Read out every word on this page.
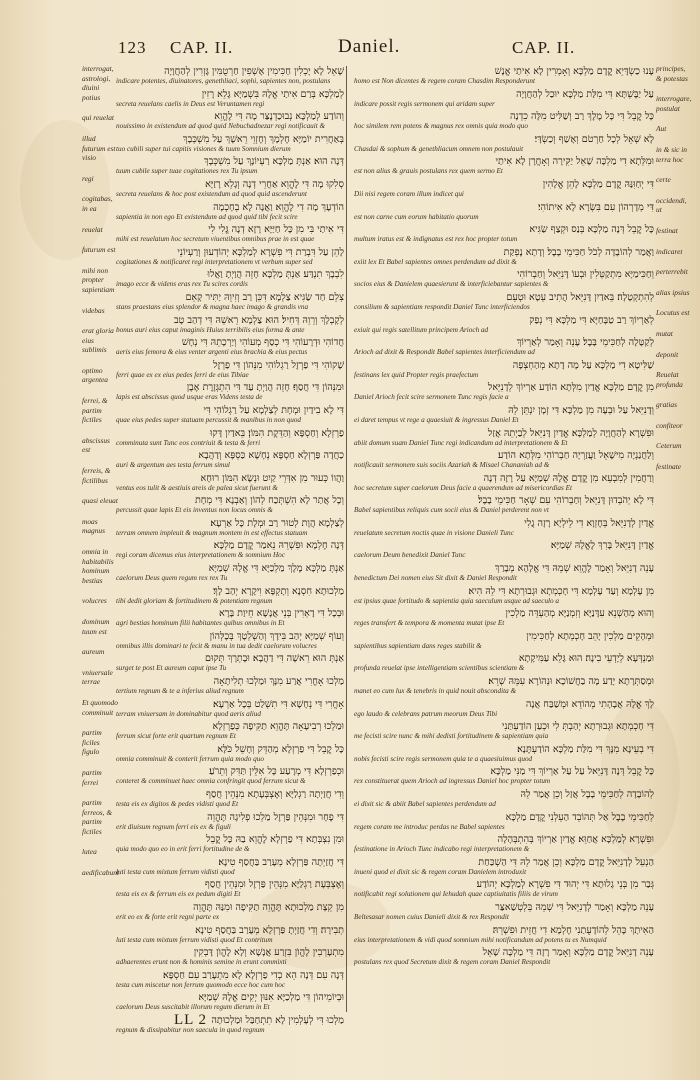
123 CAP. II.	Daniel.	CAP. II.
interrogat, astrologi, diuini potius
qui reuelat
illud futurum est visio
regi
cogitabas, in ea
reuelat
futurum est
mihi non propter sapientiam
videbas
erat gloria eius sublimis
optimo argentea
ferrei, & partim fictiles
abscissus est
ferreis, & fictilibus
quasi eleuat
moas magnus
omnia in habitabilis hominum bestias
volucres
dominum tuum est
aureum
vniuersale terrae
Et quomodo comminuit
partim ficiles figulo
partim ferrei
partim ferreos, & partim fictiles
lutea
aedificabunt
שָׁאֵל לָא יָכְלִין חַכִּימִין אָשְׁפִין חַרְטֻמִּין גָּזְרִין לְהַחֲוָיָה
indicare potentes, diuinatores, genethliaci, sophi, sapientes non, postulans
לְמַלְכָּא בְּרַם אִיתַי אֱלָהּ בִּשְׁמַיָּא גָּלֵא רָזִין
secreta reuelans caelis in Deus est Veruntamen regi
וְהוֹדַע לְמַלְכָּא נְבוּכַדְנֶצַּר מָה דִּי לֶהֱוֵא
nouissimo in existendum ad quod quid Nebuchadnezar regi notificauit &
בְּאַחֲרִית יוֹמַיָּא חֶלְמָךְ וְחֶזְוֵי רֵאשָׁךְ עַל מִשְׁכְּבָךְ
tuo cubili super tui capitis visiones & tuum Somnium dierum
דְּנָה הוּא׃ אַנְתְּ מַלְכָּא רַעְיוֹנָךְ עַל מִשְׁכְּבָךְ
tuum cubile super tuae cogitationes rex Tu ipsum
סְלִקוּ מָה דִּי לֶהֱוֵא אַחֲרֵי דְנָה וְגָלֵא רָזַיָּא
secreta reuelans & hoc post existendum ad quod quid ascenderunt
הוֹדְעָךְ מָה דִי לֶהֱוֵא׃ וַאֲנָה לָא בְחָכְמָה
sapientia in non ego Et existendum ad quod quid tibi fecit scire
דִּי אִיתַי בִּי מִן כָּל חַיַּיָּא רָזָא דְנָה גֱּלִי לִי
mihi est reuelatum hoc secretum viuentibus omnibus prae in est quae
לָהֵן עַל דִּבְרַת דִּי פִשְׁרָא לְמַלְכָּא יְהוֹדְעוּן וְרַעְיוֹנֵי
cogitationes & notificaret regi interpretationem vt verbum super sed
לִבְבָךְ תִנְדַּע׃ אַנְתְּ מַלְכָּא חָזֵה הֲוַיְתָ וַאֲלוּ
imago ecce & videns eras rex Tu scires cordis
צְלֵם חַד שַׂגִּיא צַלְמָא דִּכֵּן רַב וְזִיוֵהּ יַתִּיר קָאֵם
stans praestans eius splendor & magna haec imago & grandis vna
לְקָבְלָךְ וְרֵוֵהּ דְּחִיל׃ הוּא צַלְמָא רֵאשֵׁהּ דִּי דְהַב טָב
bonus auri eius caput imaginis Huius terribilis eius forma & ante
חֲדוֹהִי וּדְרָעוֹהִי דִּי כְסַף מְעוֹהִי וְיַרְכָתֵהּ דִּי נְחָשׁ
aeris eius femora & eius venter argenti eius brachia & eius pectus
שָׁקוֹהִי דִּי פַרְזֶל רַגְלוֹהִי מִנְּהוֹן דִּי פַרְזֶל
ferri quae ex ex eius pedes ferri de eius Tibiae
וּמִנְּהוֹן דִּי חֲסַף׃ חָזֵה הֲוַיְתָ עַד דִּי הִתְגְּזֶרֶת אֶבֶן
lapis est abscissus quod usque eras Videns testa de
דִּי לָא בִידַיִן וּמְחָת לְצַלְמָא עַל רַגְלוֹהִי דִּי
quae eius pedes super statuam percussit & manibus in non quod
פַרְזְלָא וְחַסְפָּא וְהַדֵּקֶת הִמּוֹן׃ בֵּאדַיִן דָּקוּ
comminuta sunt Tunc eos contriuit & testa & ferri
כַחֲדָה פַּרְזְלָא חַסְפָּא נְחָשָׁא כַּסְפָּא וְדַהֲבָא
auri & argentum aes testa ferrum simul
וַהֲווֹ כְּעוּר מִן אִדְּרֵי קַיִט וּנְשָׂא הִמּוֹן רוּחָא
ventus eos tulit & aestiuis areis de palea sicut fuerunt &
וְכָל אֲתַר לָא הִשְׁתְּכַח לְהוֹן וְאַבְנָא דִּי מְחָת
percussit quae lapis Et eis inventus non locus omnis &
לְצַלְמָא הֲוָת לְטוּר רַב וּמְלָת כָּל אַרְעָא׃
terram omnem impleuit & magnum montem in est effectus statuam
דְּנָה חֶלְמָא וּפִשְׁרֵהּ נֵאמַר קֳדָם מַלְכָּא׃
regi coram dicemus eius interpretationem & somnium Hoc
אַנְתְּ מַלְכָּא מֶלֶךְ מַלְכַיָּא דִּי אֱלָהּ שְׁמַיָּא
caelorum Deus quem regum rex rex Tu
מַלְכוּתָא חִסְנָא וְתָקְפָּא וִיקָרָא יְהַב לָךְ׃
tibi dedit gloriam & fortitudinem & potentiam regnum
וּבְכָל דִּי דָאְרִין בְּנֵי אֲנָשָׁא חֵיוַת בָּרָא
agri bestias hominum filii habitantes quibus omnibus in Et
וְעוֹף שְׁמַיָּא יְהַב בִּידָךְ וְהַשְׁלְטָךְ בְּכָלְּהוֹן
omnibus illis dominari te fecit & manu in tua dedit caelorum volucres
אַנְתְּ הוּא רֵאשָׁה דִּי דַהֲבָא׃ וּבָתְרָךְ תְּקוּם
surget te post Et aureum caput ipse Tu
מַלְכוּ אָחֳרִי אֲרַע מִנָּךְ וּמַלְכוּ תְלִיתָאָה
tertium regnum & te a inferius aliud regnum
אָחֳרִי דִּי נְחָשָׁא דִּי תִשְׁלַט בְּכָל אַרְעָא׃
terram vniuersam in dominabitur quod aeris aliud
וּמַלְכוּ רְבִיעָאָה תֶּהֱוֵא תַקִּיפָה כְּפַרְזְלָא
ferrum sicut forte erit quartum regnum Et
כָּל קֳבֵל דִּי פַרְזְלָא מְהַדֵּק וְחָשֵׁל כֹּלָּא
omnia comminuit & conterit ferrum quia modo quo
וּכְפַרְזְלָא דִּי מְרָעַע כָּל אִלֵּין תַּדִּק וְתֵרֹעַ׃
conteret & comminuet haec omnia confringit quod ferrum sicut &
וְדִי חֲזַיְתָה רַגְלַיָּא וְאֶצְבְּעָתָא מִנְּהֵין חֲסַף
testa eis ex digitos & pedes vidisti quod Et
דִּי פֶחָר וּמִנְּהֵין פַּרְזֶל מַלְכוּ פְלִיגָה תֶּהֱוֵה
erit diuisum regnum ferri eis ex & figuli
וּמִן נִצְבְּתָא דִּי פַרְזְלָא לֶהֱוֵא בַהּ כָּל קֳבֵל
quia modo quo eo in erit ferri fortitudine de &
דִּי חֲזַיְתָה פַּרְזְלָא מְעָרַב בַּחֲסַף טִינָא׃
luti testa cum mixtum ferrum vidisti quod
וְאֶצְבְּעָת רַגְלַיָּא מִנְּהֵין פַּרְזֶל וּמִנְּהֵין חֲסַף
testa eis ex & ferrum eis ex pedum digiti Et
מִן קְצָת מַלְכוּתָא תֶּהֱוֵה תַקִּיפָה וּמִנַּהּ תֶּהֱוֵה
erit eo ex & forte erit regni parte ex
תְבִירָה׃ וְדִי חֲזַיְתָ פַּרְזְלָא מְעָרַב בַּחֲסַף טִינָא
luti testa cum mixtum ferrum vidisti quod Et contritum
מִתְעָרְבִין לֶהֱוֺן בִּזְרַע אֲנָשָׁא וְלָא לֶהֱוֺן דָּבְקִין
adhaerentes erunt non & hominis semine in erunt commixti
דְּנָה עִם דְּנָה הֵא כְדִי פַרְזְלָא לָא מִתְעָרַב עִם חַסְפָּא׃
testa cum miscetur non ferrum quomodo ecce hoc cum hoc
וּבְיוֹמֵיהוֹן דִּי מַלְכַיָּא אִנּוּן יְקִים אֱלָהּ שְׁמַיָּא
caelorum Deus suscitabit illorum regum dierum in Et
מַלְכוּ דִּי לְעָלְמִין לָא תִתְחַבַּל וּמַלְכוּתָה
regnum & dissipabitur non saecula in quod regnum
עָנוּ כַשְׂדָּיֵא קֳדָם מַלְכָּא וְאָמְרִין לָא אִיתַי אֱנָשׁ
homo est Non dicentes & regem coram Chasdim Responderunt
עַל יַבֶּשְׁתָּא דִּי מִלַּת מַלְכָּא יוּכַל לְהַחֲוָיָה
indicare possit regis sermonem qui aridam super
כָּל קֳבֵל דִּי כָּל מֶלֶךְ רַב וְשַׁלִּיט מִלָּה כִדְנָה
hoc similem rem potens & magnus rex omnis quia modo quo
לָא שְׁאֵל לְכָל חַרְטֹם וְאָשַׁף וְכַשְׂדָּי׃
Chasdai & sophum & genethliacum omnem non postulauit
וּמִלְּתָא דִי מַלְכָּה שָׁאֵל יַקִּירָה וְאָחֳרָן לָא אִיתַי
est non alius & grauis postulans rex quem sermo Et
דִּי יְחַוִּנַּהּ קֳדָם מַלְכָּא לָהֵן אֱלָהִין
Dii nisi regem coram illum indicet qui
דִּי מְדָרְהוֹן עִם בִּשְׂרָא לָא אִיתוֹהִי׃
est non carne cum eorum habitatio quorum
כָּל קֳבֵל דְּנָה מַלְכָּא בְּנַס וּקְצַף שַׂגִּיא
multum iratus est & indignatus est rex hoc propter totum
וַאֲמַר לְהוֹבָדָה לְכֹל חַכִּימֵי בָבֶל׃ וְדָתָא נֶפְקַת
exiit lex Et Babel sapientes omnes perdendum ad dixit &
וְחַכִּימַיָּא מִתְקַטְּלִין וּבְעוֹ דָּנִיֵּאל וְחַבְרוֹהִי
socios eius & Danielem quaesierunt & interficiebantur sapientes &
לְהִתְקְטָלָה׃ בֵּאדַיִן דָּנִיֵּאל הֲתִיב עֵטָא וּטְעֵם
consilium & sapientiam respondit Daniel Tunc interficiendos
לְאַרְיוֹךְ רַב טַבָּחַיָּא דִּי מַלְכָּא דִּי נְפַק
exiuit qui regis satellitum principem Arioch ad
לְקַטָּלָה לְחַכִּימֵי בָּבֶל׃ עָנֵה וְאָמַר לְאַרְיוֹךְ
Arioch ad dixit & Respondit Babel sapientes interficiendum ad
שַׁלִּיטָא דִי מַלְכָּא עַל מָה דָתָא מְהַחְצְפָה
festinans lex quid Propter regis praefectum
מִן קֳדָם מַלְכָּא אֱדַיִן מִלְּתָא הוֹדַע אַרְיוֹךְ לְדָנִיֵּאל
Daniel Arioch fecit scire sermonem Tunc regis facie a
וְדָנִיֵּאל עַל וּבְעָה מִן מַלְכָּא דִּי זְמָן יִנְתֵּן לֵהּ
ei daret tempus vt rege a quaesiuit & ingressus Daniel Et
וּפִשְׁרָא לְהַחֲוָיָה לְמַלְכָּא׃ אֱדַיִן דָּנִיֵּאל לְבַיְתֵהּ אֲזַל
abiit domum suam Daniel Tunc regi indicandum ad interpretationem & Et
וְלַחֲנַנְיָה מִישָׁאֵל וַעֲזַרְיָה חַבְרוֹהִי מִלְּתָא הוֹדַע׃
notificauit sermonem suis sociis Azariah & Misael Chananiah ad &
וְרַחֲמִין לְמִבְעֵא מִן קֳדָם אֱלָהּ שְׁמַיָּא עַל רָזָה דְנָה
hoc secretum super caelorum Deus facie a quaerendum ad misericordias Et
דִּי לָא יְהֹבְדוּן דָּנִיֵּאל וְחַבְרוֹהִי עִם שְׁאָר חַכִּימֵי בָבֶל׃
Babel sapientibus reliquis cum socii eius & Daniel perderent non vt
אֱדַיִן לְדָנִיֵּאל בְּחֶזְוָא דִי לֵילְיָא רָזָה גֲלִי
reuelatum secretum noctis quae in visione Danieli Tunc
אֱדַיִן דָּנִיֵּאל בָּרִךְ לֶאֱלָהּ שְׁמַיָּא׃
caelorum Deum benedixit Daniel Tunc
עָנֵה דָנִיֵּאל וְאָמַר לֶהֱוֵא שְׁמֵהּ דִּי אֱלָהָא מְבָרַךְ
benedictum Dei nomen eius Sit dixit & Daniel Respondit
מִן עָלְמָא וְעַד עָלְמָא דִּי חָכְמְתָא וּגְבוּרְתָא דִּי לֵהּ הִיא׃
est ipsius quae fortitudo & sapientia quia saeculum usque ad saeculo a
וְהוּא מְהַשְׁנֵא עִדָּנַיָּא וְזִמְנַיָּא מְהַעְדֵּה מַלְכִין
reges transfert & tempora & momenta mutat ipse Et
וּמְהָקֵים מַלְכִין יָהֵב חָכְמְתָא לְחַכִּימִין
sapientibus sapientiam dans reges stabilit &
וּמַנְדְּעָא לְיָדְעֵי בִינָה׃ הוּא גָּלֵא עַמִּיקָתָא
profunda reuelat ipse intelligentiam scientibus scientiam &
וּמְסַתְּרָתָא יָדַע מָה בַחֲשׁוֹכָא וּנְהוֹרָא עִמֵּהּ שְׁרֵא׃
manet eo cum lux & tenebris in quid nouit abscondita &
לָךְ אֱלָהּ אֲבָהָתִי מְהוֹדֵא וּמְשַׁבַּח אֲנָה
ego laudo & celebrans patrum meorum Deus Tibi
דִּי חָכְמְתָא וּגְבוּרְתָא יְהַבְתְּ לִי וּכְעַן הוֹדַעְתַּנִי
me fecisti scire nunc & mihi dedisti fortitudinem & sapientiam quia
דִּי בְעֵינָא מִנָּךְ דִּי מִלַּת מַלְכָּא הוֹדַעְתֶּנָא׃
nobis fecisti scire regis sermonem quia te a quaesiuimus quod
כָּל קֳבֵל דְּנָה דָּנִיֵּאל עַל עַל אַרְיוֹךְ דִּי מַנִּי מַלְכָּא
rex constituerat quem Arioch ad ingressus Daniel hoc propter totum
לְהוֹבָדָה לְחַכִּימֵי בָבֶל אֲזַל וְכֵן אֲמַר לֵהּ
ei dixit sic & abiit Babel sapientes perdendum ad
לְחַכִּימֵי בָבֶל אַל תְּהוֹבֵד הַעֵלְנִי קֳדָם מַלְכָּא
regem coram me introduc perdas ne Babel sapientes
וּפִשְׁרָא לְמַלְכָּא אֲחַוֵּא׃ אֱדַיִן אַרְיוֹךְ בְּהִתְבְּהָלָה
festinatione in Arioch Tunc indicabo regi interpretationem &
הַנְעֵל לְדָנִיֵּאל קֳדָם מַלְכָּא וְכֵן אֲמַר לֵהּ דִּי הַשְׁכַּחַת
inueni quod ei dixit sic & regem coram Danielem introduxit
גְּבַר מִן בְּנֵי גָלוּתָא דִּי יְהוּד דִּי פִשְׁרָא לְמַלְכָּא יְהוֹדַע׃
notificabit regi solutionem qui Iehudah quae captiuitatis filiis de virum
עָנֵה מַלְכָּא וְאָמַר לְדָנִיֵּאל דִּי שְׁמֵהּ בֵּלְטְשַׁאצַּר
Beltesasar nomen cuius Danieli dixit & rex Respondit
הַאִיתָךְ כָּהֵל לְהוֹדָעֻתַנִי חֶלְמָא דִי חֲזֵית וּפִשְׁרֵהּ׃
eius interpretationem & vidi quod somnium mihi notificandum ad potens tu es Numquid
עָנֵה דָנִיֵּאל קֳדָם מַלְכָּא וְאָמַר רָזָה דִּי מַלְכָּה שָׁאֵל
postulans rex quod Secretum dixit & regem coram Daniel Respondit
principes, & potestas
interrogare, postulat
Aut
in & sic in terra hoc
certe
occidendi, ut
festinat
indicaret
perterrebit
alias ipsius
Locutus est
mutat
deponit
Reuelat profunda
gratias
confiteor
Ceterum
festinate
LL 2
